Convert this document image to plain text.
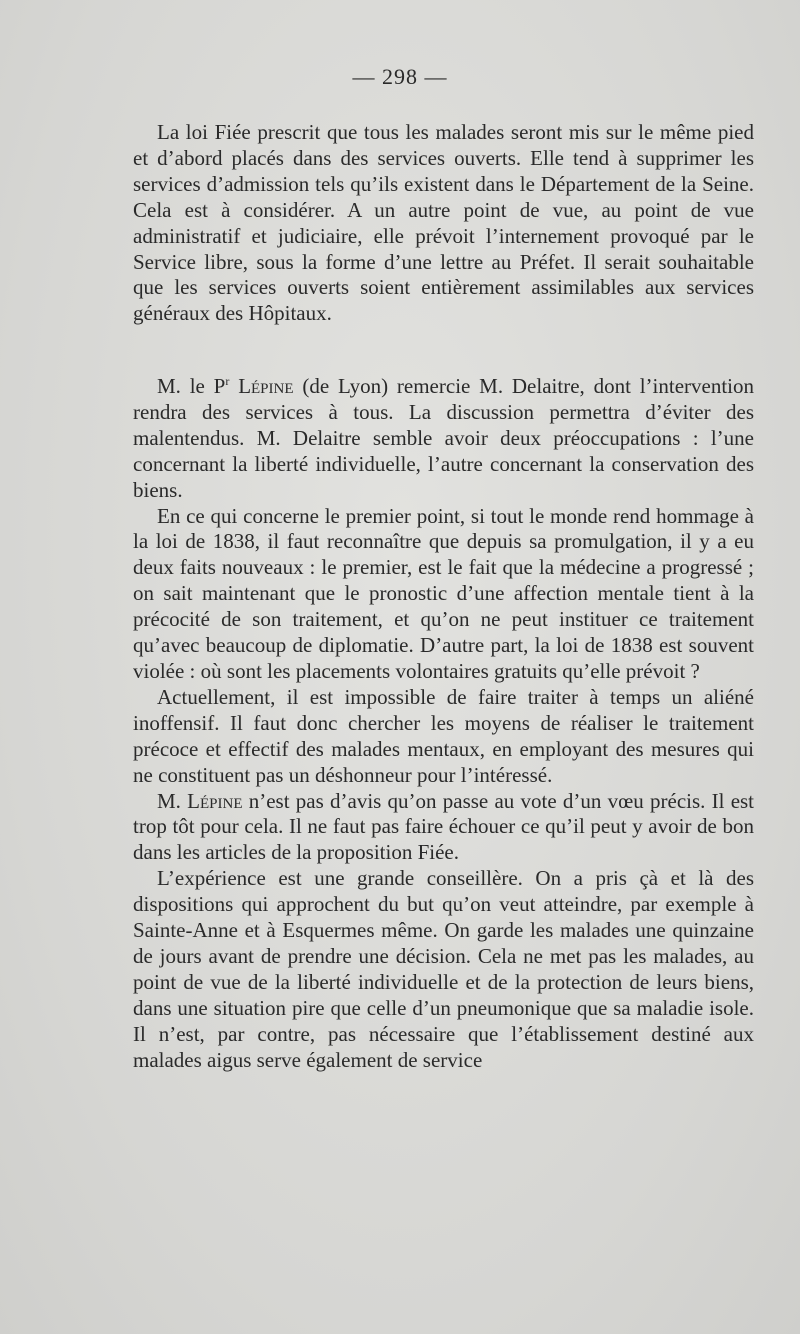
— 298 —

La loi Fiée prescrit que tous les malades seront mis sur le même pied et d’abord placés dans des services ouverts. Elle tend à supprimer les services d’admission tels qu’ils existent dans le Département de la Seine. Cela est à considérer. A un autre point de vue, au point de vue administratif et judiciaire, elle prévoit l’internement provoqué par le Service libre, sous la forme d’une lettre au Préfet. Il serait souhaitable que les services ouverts soient entièrement assimilables aux services généraux des Hôpitaux.

M. le $P^r$ Lépine (de Lyon) remercie M. Delaitre, dont l’intervention rendra des services à tous. La discussion permettra d’éviter des malentendus. M. Delaitre semble avoir deux préoccupations : l’une concernant la liberté individuelle, l’autre concernant la conservation des biens.

En ce qui concerne le premier point, si tout le monde rend hommage à la loi de 1838, il faut reconnaître que depuis sa promulgation, il y a eu deux faits nouveaux : le premier, est le fait que la médecine a progressé ; on sait maintenant que le pronostic d’une affection mentale tient à la précocité de son traitement, et qu’on ne peut instituer ce traitement qu’avec beaucoup de diplomatie. D’autre part, la loi de 1838 est souvent violée : où sont les placements volontaires gratuits qu’elle prévoit ?

Actuellement, il est impossible de faire traiter à temps un aliéné inoffensif. Il faut donc chercher les moyens de réaliser le traitement précoce et effectif des malades mentaux, en employant des mesures qui ne constituent pas un déshonneur pour l’intéressé.

M. Lépine n’est pas d’avis qu’on passe au vote d’un vœu précis. Il est trop tôt pour cela. Il ne faut pas faire échouer ce qu’il peut y avoir de bon dans les articles de la proposition Fiée.

L’expérience est une grande conseillère. On a pris çà et là des dispositions qui approchent du but qu’on veut atteindre, par exemple à Sainte-Anne et à Esquermes même. On garde les malades une quinzaine de jours avant de prendre une décision. Cela ne met pas les malades, au point de vue de la liberté individuelle et de la protection de leurs biens, dans une situation pire que celle d’un pneumonique que sa maladie isole. Il n’est, par contre, pas nécessaire que l’établissement destiné aux malades aigus serve également de service
